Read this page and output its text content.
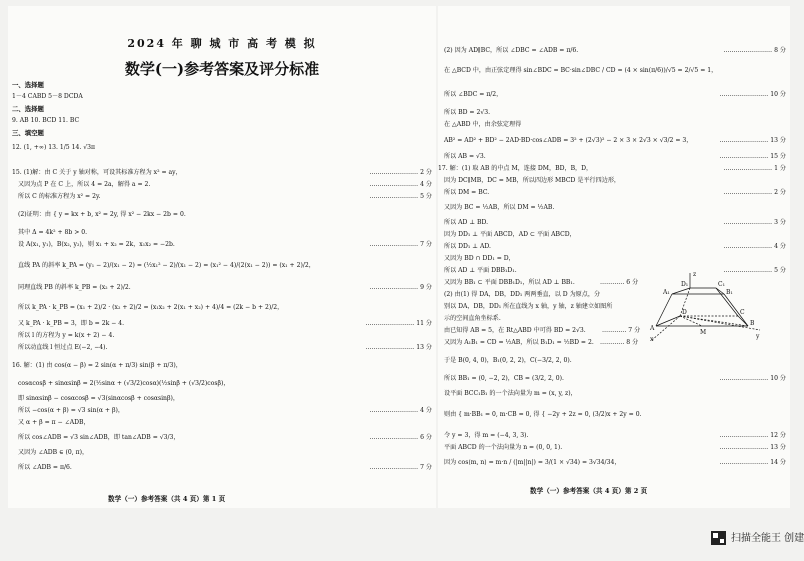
2024 年 聊 城 市 高 考 模 拟
数学(一)参考答案及评分标准
一、选择题
1－4 CABD 5－8 DCDA
二、选择题
9. AB 10. BCD 11. BC
三、填空题
12. (1, +∞) 13. 1/5 14. √3π
15. (1)解：由 C 关于 y 轴对称，可设其标准方程为 x² = ay，
又因为点 P 在 C 上，所以 4 = 2a，解得 a = 2.
所以 C 的标准方程为 x² = 2y.
(2)证明：由 { y = kx + b, x² = 2y, 得 x² − 2kx − 2b = 0.
其中 Δ = 4k² + 8b > 0.
设 A(x₁, y₁)，B(x₂, y₂)，则 x₁ + x₂ = 2k，x₁x₂ = −2b.
直线 PA 的斜率 k_PA = (y₁ − 2)/(x₁ − 2) = (½x₁² − 2)/(x₁ − 2) = (x₁² − 4)/(2(x₁ − 2)) = (x₁ + 2)/2，
同理直线 PB 的斜率 k_PB = (x₂ + 2)/2.
所以 k_PA · k_PB = (x₁ + 2)/2 · (x₂ + 2)/2 = (x₁x₂ + 2(x₁ + x₂) + 4)/4 = (2k − b + 2)/2，
又 k_PA · k_PB = 3，即 b = 2k − 4.
所以 l 的方程为 y = k(x + 2) − 4.
所以动直线 l 恒过点 E(−2, −4).
16. 解：(1) 由 cos(α − β) = 2 sin(α + π/3) sin(β + π/3)，
cosαcosβ + sinαsinβ = 2(½sinα + (√3/2)cosα)(½sinβ + (√3/2)cosβ)，
即 sinαsinβ − cosαcosβ = √3(sinαcosβ + cosαsinβ)，
所以 −cos(α + β) = √3 sin(α + β)，
又 α + β = π − ∠ADB，
所以 cos∠ADB = √3 sin∠ADB，即 tan∠ADB = √3/3，
又因为 ∠ADB ∈ (0, π)，
所以 ∠ADB = π/6.
…………………… 2 分
…………………… 4 分
…………………… 5 分
…………………… 7 分
…………………… 9 分
…………………… 11 分
…………………… 13 分
…………………… 4 分
…………………… 6 分
…………………… 7 分
数学（一）参考答案（共 4 页）第 1 页
(2) 因为 AD∥BC，所以 ∠DBC = ∠ADB = π/6.
在 △BCD 中，由正弦定理得 sin∠BDC = BC·sin∠DBC / CD = (4 × sin(π/6))/√5 = 2/√5 = 1，
所以 ∠BDC = π/2，
所以 BD = 2√3.
在 △ABD 中，由余弦定理得
AB² = AD² + BD² − 2AD·BD·cos∠ADB = 3² + (2√3)² − 2 × 3 × 2√3 × √3/2 = 3，
所以 AB = √3.
17. 解：(1) 取 AB 的中点 M，连接 DM，BD，B，D，
因为 DC∥MB，DC = MB，所以四边形 MBCD 是平行四边形，
所以 DM = BC.
又因为 BC = ½AB，所以 DM = ½AB.
所以 AD ⊥ BD.
因为 DD₁ ⊥ 平面 ABCD，AD ⊂ 平面 ABCD，
所以 DD₁ ⊥ AD.
又因为 BD ∩ DD₁ = D，
所以 AD ⊥ 平面 DBB₁D₁.
又因为 BB₁ ⊂ 平面 DBB₁D₁，所以 AD ⊥ BB₁.
(2) 由(1) 得 DA，DB，DD₁ 两两垂直，以 D 为原点，分
别以 DA，DB，DD₁ 所在直线为 x 轴，y 轴，z 轴建立如图所
示的空间直角坐标系.
由已知得 AB = 5，在 Rt△ABD 中可得 BD = 2√3.
又因为 A₁B₁ = CD = ½AB，所以 B₁D₁ = ½BD = 2.
于是 B(0, 4, 0)，B₁(0, 2, 2)，C(−3/2, 2, 0).
所以 BB₁ = (0, −2, 2)，CB = (3/2, 2, 0).
设平面 BCC₁B₁ 的一个法向量为 m = (x, y, z)，
则由 { m·BB₁ = 0, m·CB = 0, 得 { −2y + 2z = 0, (3/2)x + 2y = 0.
令 y = 3，得 m = (−4, 3, 3).
平面 ABCD 的一个法向量为 n = (0, 0, 1).
因为 cos⟨m, n⟩ = m·n / (|m||n|) = 3/(1 × √34) = 3√34/34，
…………………… 8 分
…………………… 10 分
…………………… 13 分
…………………… 15 分
…………………… 1 分
…………………… 2 分
…………………… 3 分
…………………… 4 分
…………………… 5 分
…………………… 10 分
…………………… 12 分
…………………… 13 分
…………………… 14 分
………… 6 分
………… 7 分
………… 8 分
A
B
C
D
M
A₁	B₁
C₁
D₁
x	y
z
数学（一）参考答案（共 4 页）第 2 页
扫描全能王 创建
